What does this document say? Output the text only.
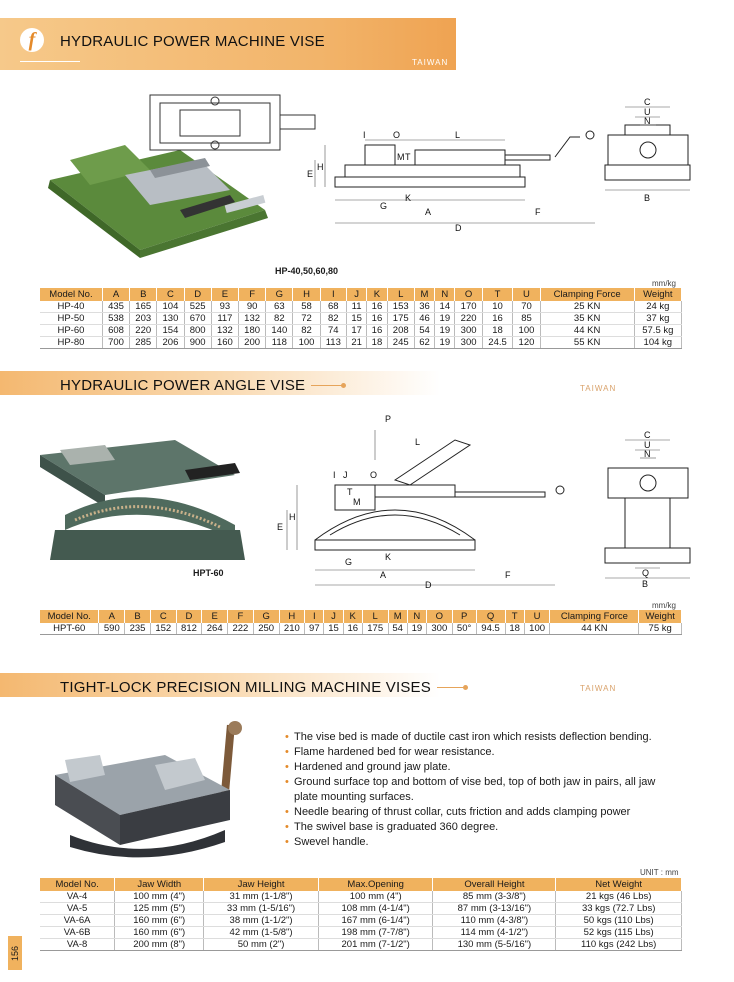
f	HYDRAULIC POWER MACHINE VISE
TAIWAN
HP-40,50,60,80
I	O	L
E
H
M T
G
K
A
D
F
C
U
N
B
mm/kg
Model No.	A	B	C	D	E	F	G	H	I	J	K	L	M	N	O	T	U	Clamping Force	Weight
HP-40	435	165	104	525	93	90	63	58	68	11	16	153	36	14	170	10	70	25 KN	24 kg
HP-50	538	203	130	670	117	132	82	72	82	15	16	175	46	19	220	16	85	35 KN	37 kg
HP-60	608	220	154	800	132	180	140	82	74	17	16	208	54	19	300	18	100	44 KN	57.5 kg
HP-80	700	285	206	900	160	200	118	100	113	21	18	245	62	19	300	24.5	120	55 KN	104 kg
HYDRAULIC POWER ANGLE VISE	TAIWAN
HPT-60
P
L
I J	O
T
M
E
H
G	K
A
D
F
C
U
N
Q
B
mm/kg
Model No.	A	B	C	D	E	F	G	H	I	J	K	L	M	N	O	P	Q	T	U	Clamping Force	Weight
HPT-60	590	235	152	812	264	222	250	210	97	15	16	175	54	19	300	50°	94.5	18	100	44 KN	75 kg
TIGHT-LOCK PRECISION MILLING MACHINE VISES	TAIWAN
• The vise bed is made of ductile cast iron which resists deflection bending.
• Flame hardened bed for wear resistance.
• Hardened and ground jaw plate.
• Ground surface top and bottom of vise bed, top of both jaw in pairs, all jaw plate mounting surfaces.
• Needle bearing of thrust collar, cuts friction and adds clamping power
• The swivel base is graduated 360 degree.
• Swevel handle.
UNIT : mm
Model No.	Jaw Width	Jaw Height	Max.Opening	Overall Height	Net Weight
VA-4	100 mm (4")	31 mm (1-1/8")	100 mm (4")	85 mm (3-3/8")	21 kgs (46 Lbs)
VA-5	125 mm (5")	33 mm (1-5/16")	108 mm (4-1/4")	87 mm (3-13/16")	33 kgs (72.7 Lbs)
VA-6A	160 mm (6")	38 mm (1-1/2")	167 mm (6-1/4")	110 mm (4-3/8")	50 kgs (110 Lbs)
VA-6B	160 mm (6")	42 mm (1-5/8")	198 mm (7-7/8")	114 mm (4-1/2")	52 kgs (115 Lbs)
VA-8	200 mm (8")	50 mm (2")	201 mm (7-1/2")	130 mm (5-5/16")	110 kgs (242 Lbs)
156
